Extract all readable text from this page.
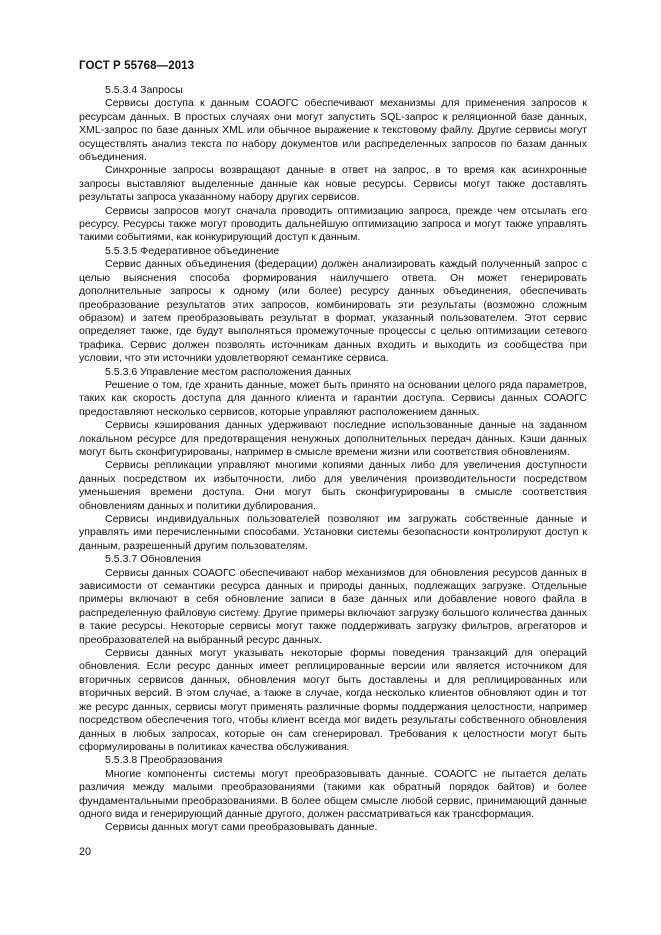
ГОСТ Р 55768—2013

5.5.3.4 Запросы

Сервисы доступа к данным СОАОГС обеспечивают механизмы для применения запросов к ресурсам данных. В простых случаях они могут запустить SQL-запрос к реляционной базе данных, XML-запрос по базе данных XML или обычное выражение к текстовому файлу. Другие сервисы могут осуществлять анализ текста по набору документов или распределенных запросов по базам данных объединения.

Синхронные запросы возвращают данные в ответ на запрос, в то время как асинхронные запросы выставляют выделенные данные как новые ресурсы. Сервисы могут также доставлять результаты запроса указанному набору других сервисов.

Сервисы запросов могут сначала проводить оптимизацию запроса, прежде чем отсылать его ресурсу. Ресурсы также могут проводить дальнейшую оптимизацию запроса и могут также управлять такими событиями, как конкурирующий доступ к данным.

5.5.3.5 Федеративное объединение

Сервис данных объединения (федерации) должен анализировать каждый полученный запрос с целью выяснения способа формирования наилучшего ответа. Он может генерировать дополнительные запросы к одному (или более) ресурсу данных объединения, обеспечивать преобразование результатов этих запросов, комбинировать эти результаты (возможно сложным образом) и затем преобразовывать результат в формат, указанный пользователем. Этот сервис определяет также, где будут выполняться промежуточные процессы с целью оптимизации сетевого трафика. Сервис должен позволять источникам данных входить и выходить из сообщества при условии, что эти источники удовлетворяют семантике сервиса.

5.5.3.6 Управление местом расположения данных

Решение о том, где хранить данные, может быть принято на основании целого ряда параметров, таких как скорость доступа для данного клиента и гарантии доступа. Сервисы данных СОАОГС предоставляют несколько сервисов, которые управляют расположением данных.

Сервисы кэширования данных удерживают последние использованные данные на заданном локальном ресурсе для предотвращения ненужных дополнительных передач данных. Кэши данных могут быть сконфигурированы, например в смысле времени жизни или соответствия обновлениям.

Сервисы репликации управляют многими копиями данных либо для увеличения доступности данных посредством их избыточности, либо для увеличения производительности посредством уменьшения времени доступа. Они могут быть сконфигурированы в смысле соответствия обновлениям данных и политики дублирования.

Сервисы индивидуальных пользователей позволяют им загружать собственные данные и управлять ими перечисленными способами. Установки системы безопасности контролируют доступ к данным, разрешенный другим пользователям.

5.5.3.7 Обновления

Сервисы данных СОАОГС обеспечивают набор механизмов для обновления ресурсов данных в зависимости от семантики ресурса данных и природы данных, подлежащих загрузке. Отдельные примеры включают в себя обновление записи в базе данных или добавление нового файла в распределенную файловую систему. Другие примеры включают загрузку большого количества данных в такие ресурсы. Некоторые сервисы могут также поддерживать загрузку фильтров, агрегаторов и преобразователей на выбранный ресурс данных.

Сервисы данных могут указывать некоторые формы поведения транзакций для операций обновления. Если ресурс данных имеет реплицированные версии или является источником для вторичных сервисов данных, обновления могут быть доставлены и для реплицированных или вторичных версий. В этом случае, а также в случае, когда несколько клиентов обновляют один и тот же ресурс данных, сервисы могут применять различные формы поддержания целостности, например посредством обеспечения того, чтобы клиент всегда мог видеть результаты собственного обновления данных в любых запросах, которые он сам сгенерировал. Требования к целостности могут быть сформулированы в политиках качества обслуживания.

5.5.3.8 Преобразования

Многие компоненты системы могут преобразовывать данные. СОАОГС не пытается делать различия между малыми преобразованиями (такими как обратный порядок байтов) и более фундаментальными преобразованиями. В более общем смысле любой сервис, принимающий данные одного вида и генерирующий данные другого, должен рассматриваться как трансформация.

Сервисы данных могут сами преобразовывать данные.

20
